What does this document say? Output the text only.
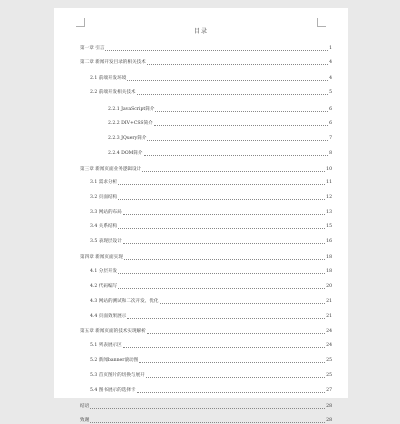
目录
第一章 引言	1
第二章 新闻开发目录的相关技术	4
2.1 前端开发环境	4
2.2 前端开发相关技术	5
2.2.1 JavaScript简介	6
2.2.2 DIV+CSS简介	6
2.2.3 JQuery简介	7
2.2.4 DOM简介	8
第三章 新闻页面业务逻辑设计	10
3.1 需求分析	11
3.2 页面结构	12
3.3 网站的布局	13
3.4 关系结构	15
3.5 表现层设计	16
第四章 新闻页面实现	18
4.1 分层开发	18
4.2 代码编写	20
4.3 网站的测试和二次开发、优化	21
4.4 页面效果展示	21
第五章 新闻页面的技术实现解析	24
5.1 列表展示区	24
5.2 新闻banner滚动图	25
5.3 首页图片的切换与展开	25
5.4 图书展示的选择卡	27
结语	28
致谢	28
